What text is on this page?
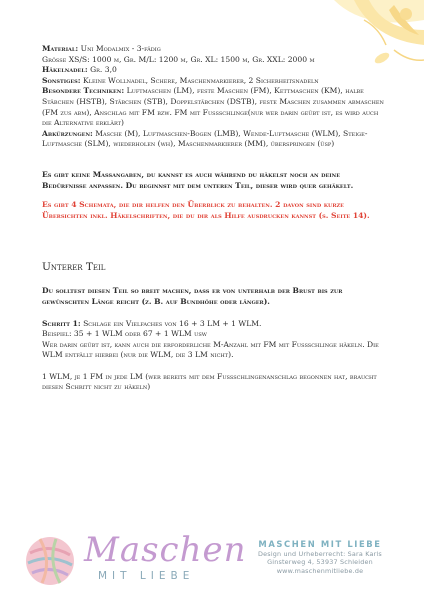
Material: Uni Modalmix - 3-fädig

Grösse XS/S: 1000 m, Gr. M/L: 1200 m, Gr. XL: 1500 m, Gr. XXL: 2000 m

Häkelnadel: Gr. 3,0

Sonstiges: Kleine Wollnadel, Schere, Maschenmarkierer, 2 Sicherheitsnadeln

Besondere Techniken: Luftmaschen (LM), feste Maschen (FM), Kettmaschen (KM), halbe Stäbchen (HSTB), Stäbchen (STB), Doppelstäbchen (DSTB), feste Maschen zusammen abmaschen (FM zus abm), Anschlag mit FM bzw. FM mit Fussschlinge(nur wer darin geübt ist, es wird auch die Alternative erklärt)

Abkürzungen: Masche (M), Luftmaschen-Bogen (LMB), Wende-Luftmasche (WLM), Steige-Luftmasche (SLM), wiederholen (wh), Maschenmarkierer (MM), überspringen (üsp)

Es gibt keine Massangaben, du kannst es auch während du häkelst noch an deine Bedürfnisse anpassen. Du beginnst mit dem unteren Teil, dieser wird quer gehäkelt.

Es gibt 4 Schemata, die dir helfen den Überblick zu behalten. 2 davon sind kurze Übersichten inkl. Häkelschriften, die du dir als Hilfe ausdrucken kannst (s. Seite 14).

Unterer Teil

Du solltest diesen Teil so breit machen, dass er von unterhalb der Brust bis zur gewünschten Länge reicht (z. B. auf Bundhöhe oder länger).

Schritt 1: Schlage ein Vielfaches von 16 + 3 LM + 1 WLM.

Beispiel: 35 + 1 WLM oder 67 + 1 WLM usw

Wer darin geübt ist, kann auch die erforderliche M-Anzahl mit FM mit Fussschlinge häkeln. Die WLM entfällt hierbei (nur die WLM, die 3 LM nicht).

1 WLM, je 1 FM in jede LM (wer bereits mit dem Fussschlingenanschlag begonnen hat, braucht diesen Schritt nicht zu häkeln)

Maschen
MIT LIEBE
MASCHEN MIT LIEBE
Design und Urheberrecht: Sara Karls
Ginsterweg 4, 53937 Schleiden
www.maschenmitliebe.de
